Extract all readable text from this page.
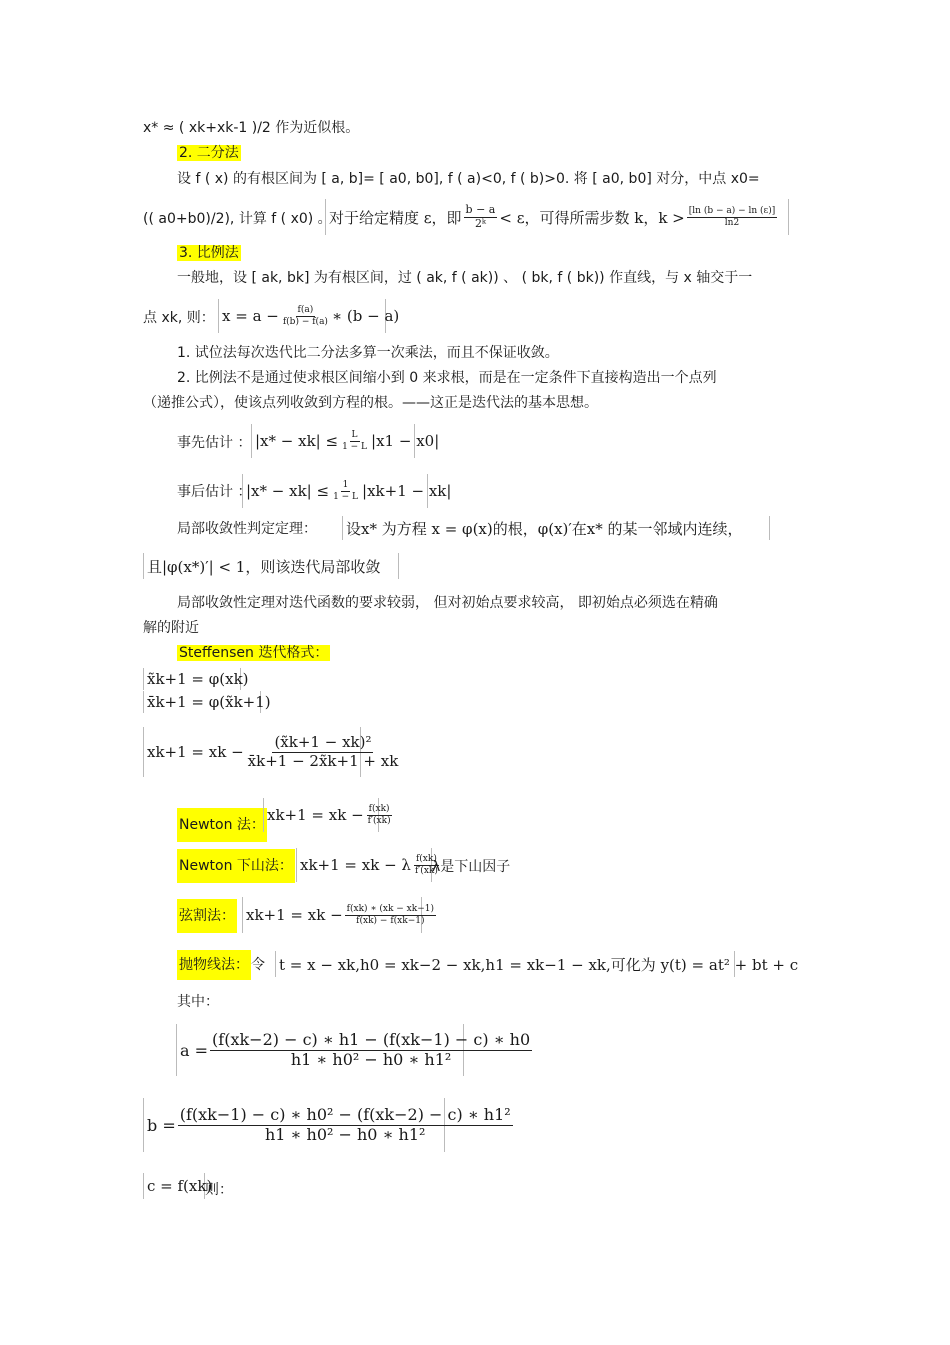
x* ≈ ( xk+xk-1 )/2 作为近似根。
2. 二分法
设 f ( x) 的有根区间为 [ a, b]= [ a0, b0], f ( a)<0, f ( b)>0. 将 [ a0, b0] 对分，中点 x0=
(( a0+b0)/2), 计算 f ( x0) 。
对于给定精度 ε，即 $\frac{b - a}{\text{2ᵏ}} < \varepsilon$，可得所需步数 k，$k > \frac{[\ln (b - a) - \ln (\varepsilon)]}{\ln 2}$
3. 比例法
一般地，设 [ ak, bk] 为有根区间，过 ( ak, f ( ak)) 、 ( bk, f ( bk)) 作直线，与 x 轴交于一
点 xk, 则： $x = a - \frac{f(a)}{f(b) - f(a)}$ ∗ (b − a)
1. 试位法每次迭代比二分法多算一次乘法，而且不保证收敛。
2. 比例法不是通过使求根区间缩小到 0 来求根，而是在一定条件下直接构造出一个点列
（递推公式），使该点列收敛到方程的根。——这正是迭代法的基本思想。
事先估计 ： $|x* - xk| \le \frac{L}{1 - L} |x1 - x0|$
事后估计 ：
$|x* - xk| \le \frac{1}{1 - L} |xk+1 - xk|$
局部收敛性判定定理： 设x* 为方程 x = φ(x)的根，φ(x)′在x* 的某一邻域内连续，
且|φ(x*)′| < 1，则该迭代局部收敛
局部收敛性定理对迭代函数的要求较弱， 但对初始点要求较高， 即初始点必须选在精确
解的附近
Steffensen 迭代格式：
x̃k+1 = φ(xk)
x̄k+1 = φ(x̃k+1)
xk+1 = xk − $\frac{\text{(x̃k+1 − xk)²}}{x̄k+1 - 2x̃k+1 + xk}$
Newton 法：
xk+1 = xk − $\frac{f(xk)}{f'(xk)}$
Newton 下山法： xk+1 = xk − λ $\frac{f(xk)}{f'(xk)}$
λ是下山因子
弦割法： xk+1 = xk − $\frac{f(xk) ∗ (xk - xk-1)}{f(xk) - f(xk-1)}$
抛物线法： 令 t = x − xk,h0 = xk−2 − xk,h1 = xk−1 − xk,可化为 y(t) = at² + bt + c
其中：
$a = \frac{(f(xk-2) - c) ∗ h1 - (f(xk-1) - c) ∗ h0}{\text{h1 ∗ h0² − h0 ∗ h1²}}$
$b = \frac{\text{(f(xk−1) − c) ∗ h0² − (f(xk−2) − c) ∗ h1²}}{\text{h1 ∗ h0² − h0 ∗ h1²}}$
c = f(xk)
则：
